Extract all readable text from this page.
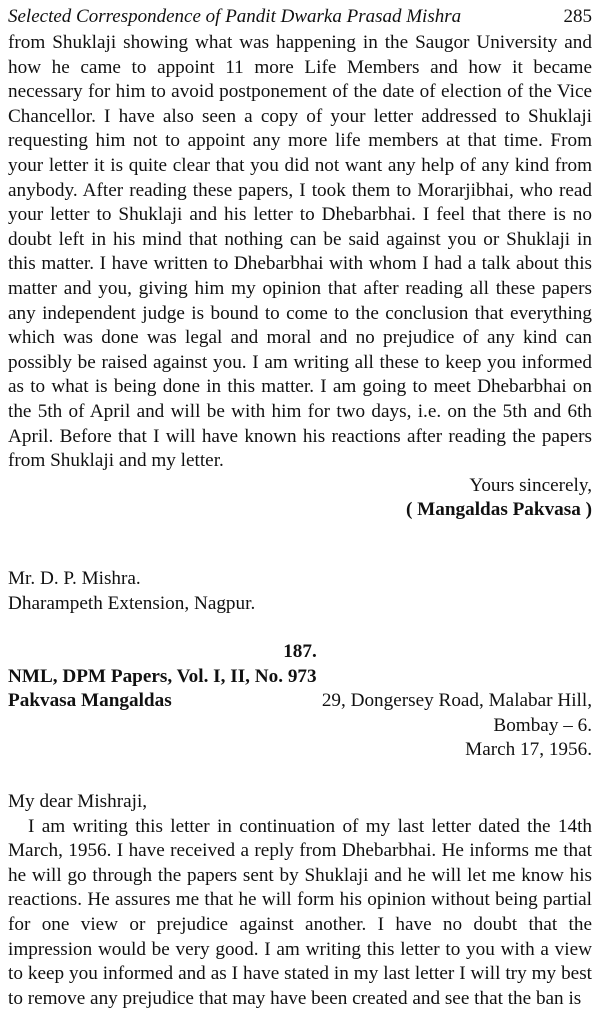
Selected Correspondence of Pandit Dwarka Prasad Mishra	285

from Shuklaji showing what was happening in the Saugor University and how he came to appoint 11 more Life Members and how it became necessary for him to avoid postponement of the date of election of the Vice Chancellor. I have also seen a copy of your letter addressed to Shuklaji requesting him not to appoint any more life members at that time. From your letter it is quite clear that you did not want any help of any kind from anybody. After reading these papers, I took them to Morarjibhai, who read your letter to Shuklaji and his letter to Dhebarbhai. I feel that there is no doubt left in his mind that nothing can be said against you or Shuklaji in this matter. I have written to Dhebarbhai with whom I had a talk about this matter and you, giving him my opinion that after reading all these papers any independent judge is bound to come to the conclusion that everything which was done was legal and moral and no prejudice of any kind can possibly be raised against you. I am writing all these to keep you informed as to what is being done in this matter. I am going to meet Dhebarbhai on the 5th of April and will be with him for two days, i.e. on the 5th and 6th April. Before that I will have known his reactions after reading the papers from Shuklaji and my letter.

Yours sincerely,

( Mangaldas Pakvasa )

Mr. D. P. Mishra.

Dharampeth Extension, Nagpur.

187.

NML, DPM Papers, Vol. I, II, No. 973

Pakvasa Mangaldas	29, Dongersey Road, Malabar Hill,

Bombay – 6.

March 17, 1956.

My dear Mishraji,

I am writing this letter in continuation of my last letter dated the 14th March, 1956. I have received a reply from Dhebarbhai. He informs me that he will go through the papers sent by Shuklaji and he will let me know his reactions. He assures me that he will form his opinion without being partial for one view or prejudice against another. I have no doubt that the impression would be very good. I am writing this letter to you with a view to keep you informed and as I have stated in my last letter I will try my best to remove any prejudice that may have been created and see that the ban is
